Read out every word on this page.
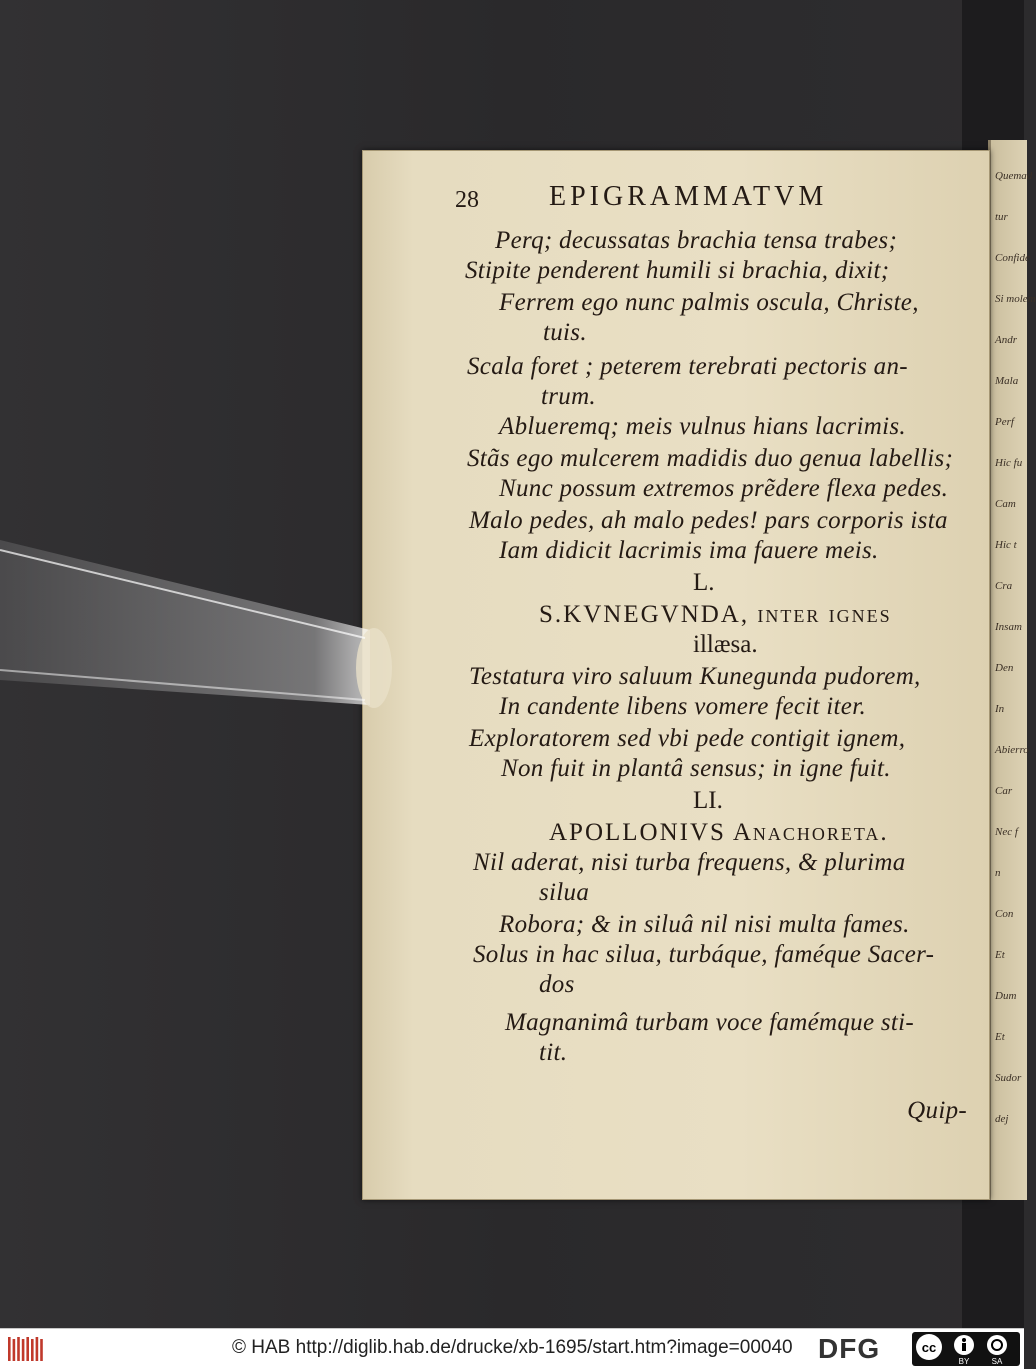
Quemad
tur
Confide
Si molem
Andr
Mala
Perf
Hic fu
Cam
Hic t
Cra
Insam
Den
In
Abierro
Car
Nec f
n
Con
Et
Dum
Et
Sudor
dej
28	EPIGRAMMATVM
Perq; decussatas brachia tensa trabes;
Stipite penderent humili si brachia, dixit;
Ferrem ego nunc palmis oscula, Christe,
tuis.
Scala foret ; peterem terebrati pectoris an-
trum.
Ablueremq; meis vulnus hians lacrimis.
Stãs ego mulcerem madidis duo genua labellis;
Nunc possum extremos prẽdere flexa pedes.
Malo pedes, ah malo pedes! pars corporis ista
Iam didicit lacrimis ima fauere meis.
L.
S.KVNEGVNDA, inter ignes
illæsa.
Testatura viro saluum Kunegunda pudorem,
In candente libens vomere fecit iter.
Exploratorem sed vbi pede contigit ignem,
Non fuit in plantâ sensus; in igne fuit.
LI.
APOLLONIVS Anachoreta.
Nil aderat, nisi turba frequens, & plurima
silua
Robora; & in siluâ nil nisi multa fames.
Solus in hac silua, turbáque, faméque Sacer-
dos
Magnanimâ turbam voce famémque sti-
tit.
Quip-
© HAB http://diglib.hab.de/drucke/xb-1695/start.htm?image=00040 DFG	cc
BY	SA
